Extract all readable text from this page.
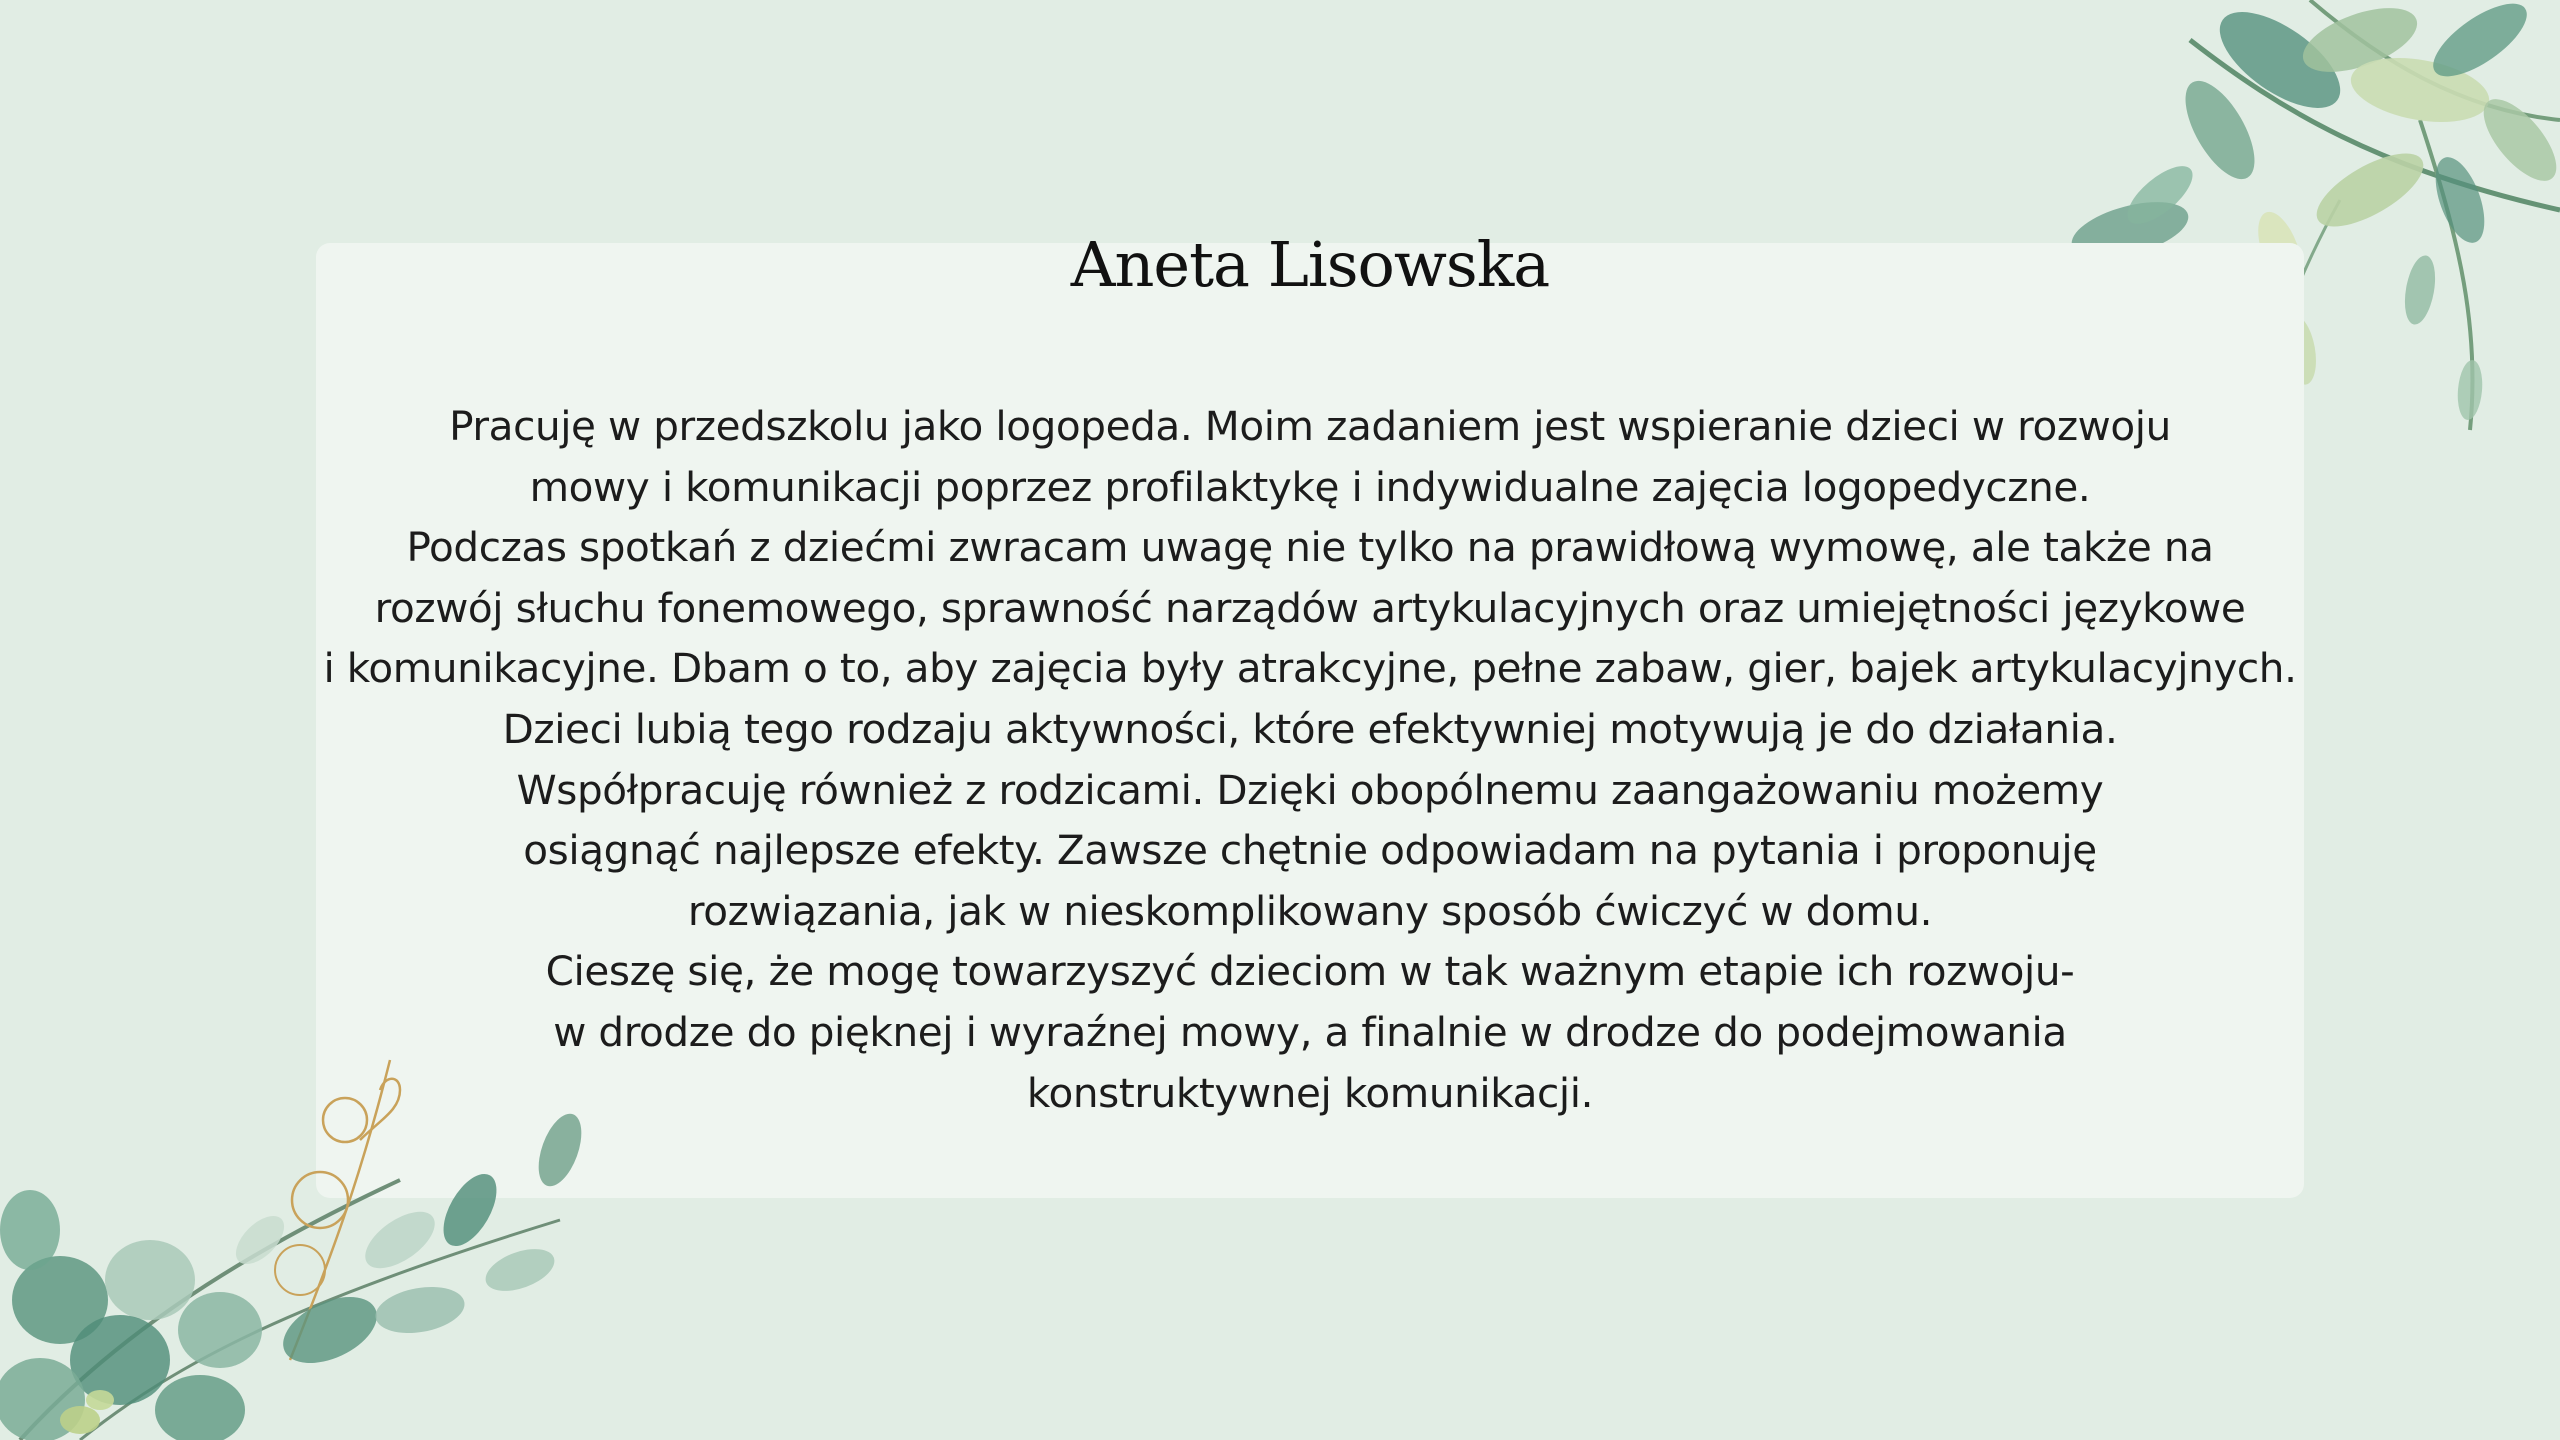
Aneta Lisowska
Pracuję w przedszkolu jako logopeda. Moim zadaniem jest wspieranie dzieci w rozwoju
mowy i komunikacji poprzez profilaktykę i indywidualne zajęcia logopedyczne.
Podczas spotkań z dziećmi zwracam uwagę nie tylko na prawidłową wymowę, ale także na
rozwój słuchu fonemowego, sprawność narządów artykulacyjnych oraz umiejętności językowe
i komunikacyjne. Dbam o to, aby zajęcia były atrakcyjne, pełne zabaw, gier, bajek artykulacyjnych.
Dzieci lubią tego rodzaju aktywności, które efektywniej motywują je do działania.
Współpracuję również z rodzicami. Dzięki obopólnemu zaangażowaniu możemy
osiągnąć najlepsze efekty. Zawsze chętnie odpowiadam na pytania i proponuję
rozwiązania, jak w nieskomplikowany sposób ćwiczyć w domu.
Cieszę się, że mogę towarzyszyć dzieciom w tak ważnym etapie ich rozwoju-
w drodze do pięknej i wyraźnej mowy, a finalnie w drodze do podejmowania
konstruktywnej komunikacji.
